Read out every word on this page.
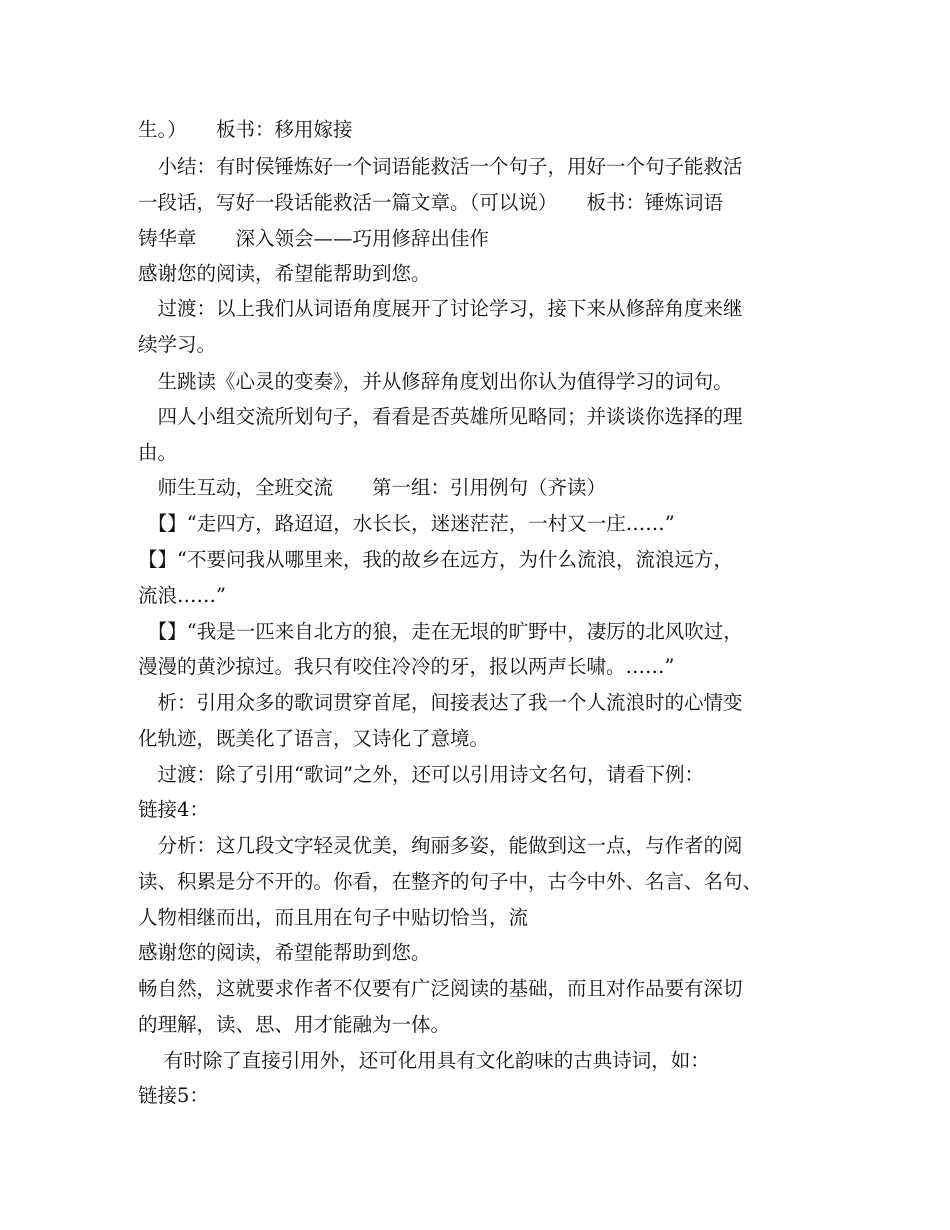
生。）　　板书：移用嫁接
　小结：有时侯锤炼好一个词语能救活一个句子，用好一个句子能救活
一段话，写好一段话能救活一篇文章。（可以说）　　板书：锤炼词语
铸华章　　深入领会——巧用修辞出佳作
感谢您的阅读，希望能帮助到您。
　过渡：以上我们从词语角度展开了讨论学习，接下来从修辞角度来继
续学习。
　生跳读《心灵的变奏》，并从修辞角度划出你认为值得学习的词句。
　四人小组交流所划句子，看看是否英雄所见略同；并谈谈你选择的理
由。
　师生互动，全班交流　　第一组：引用例句（齐读）
　【】“走四方，路迢迢，水长长，迷迷茫茫，一村又一庄……”
【】“不要问我从哪里来，我的故乡在远方，为什么流浪，流浪远方，
流浪……”
　【】“我是一匹来自北方的狼，走在无垠的旷野中，凄厉的北风吹过，
漫漫的黄沙掠过。我只有咬住冷冷的牙，报以两声长啸。……”
　析：引用众多的歌词贯穿首尾，间接表达了我一个人流浪时的心情变
化轨迹，既美化了语言，又诗化了意境。
　过渡：除了引用“歌词”之外，还可以引用诗文名句，请看下例：
链接4：
　分析：这几段文字轻灵优美，绚丽多姿，能做到这一点，与作者的阅
读、积累是分不开的。你看，在整齐的句子中，古今中外、名言、名句、
人物相继而出，而且用在句子中贴切恰当，流
感谢您的阅读，希望能帮助到您。
畅自然，这就要求作者不仅要有广泛阅读的基础，而且对作品要有深切
的理解，读、思、用才能融为一体。
　 有时除了直接引用外，还可化用具有文化韵味的古典诗词，如：
链接5：
